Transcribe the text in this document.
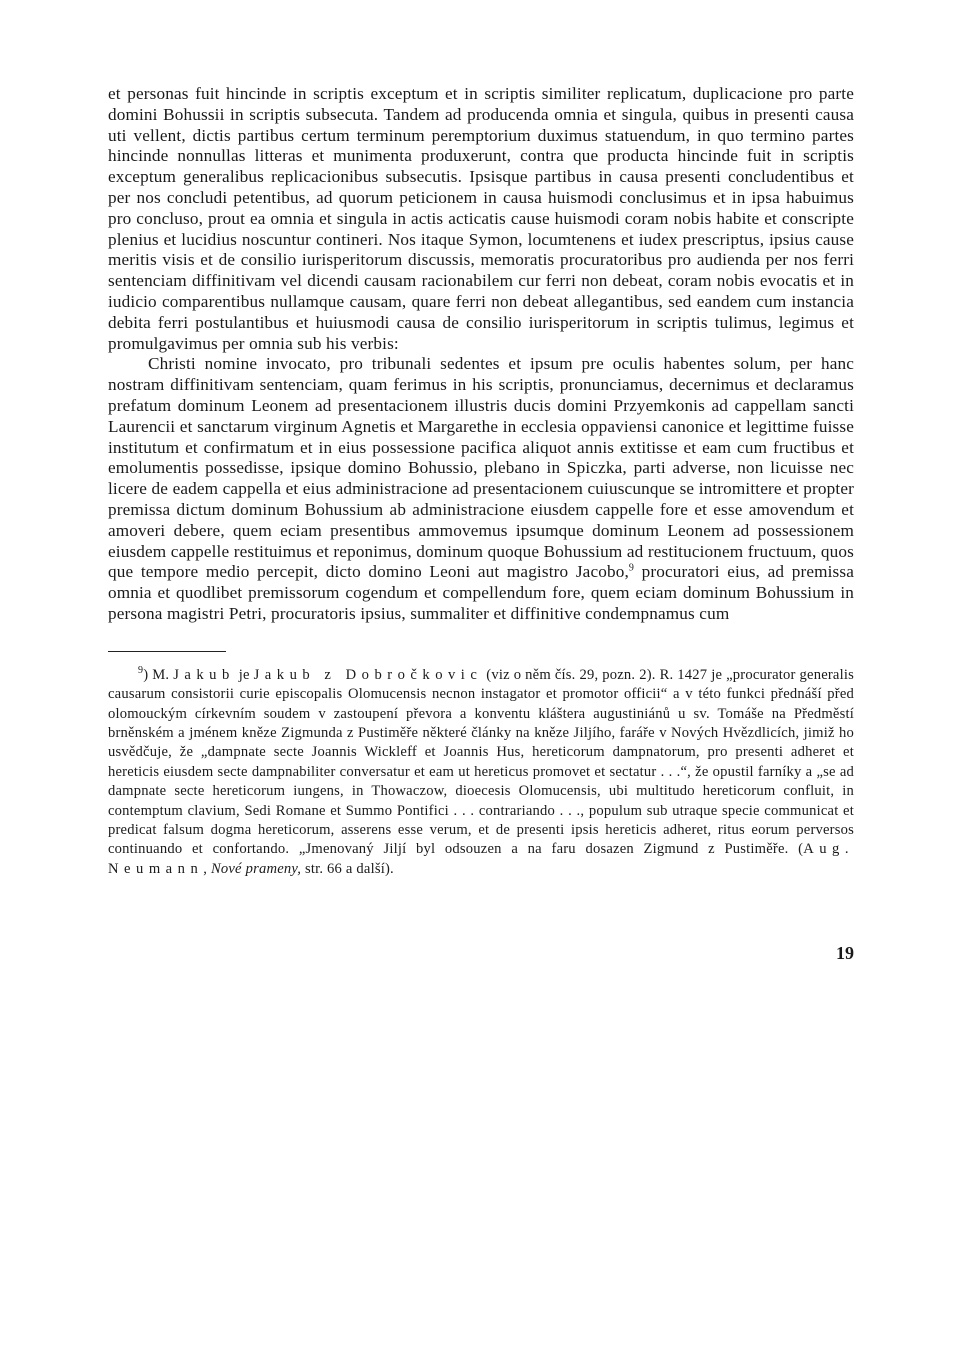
et personas fuit hincinde in scriptis exceptum et in scriptis similiter replicatum, duplicacione pro parte domini Bohussii in scriptis subsecuta. Tandem ad producenda omnia et singula, quibus in presenti causa uti vellent, dictis partibus certum terminum peremptorium duximus statuendum, in quo termino partes hincinde nonnullas litteras et munimenta produxerunt, contra que producta hincinde fuit in scriptis exceptum generalibus replicacionibus subsecutis. Ipsisque partibus in causa presenti concludentibus et per nos concludi petentibus, ad quorum peticionem in causa huismodi conclusimus et in ipsa habuimus pro concluso, prout ea omnia et singula in actis acticatis cause huismodi coram nobis habite et conscripte plenius et lucidius noscuntur contineri. Nos itaque Symon, locumtenens et iudex prescriptus, ipsius cause meritis visis et de consilio iurisperitorum discussis, memoratis procuratoribus pro audienda per nos ferri sentenciam diffinitivam vel dicendi causam racionabilem cur ferri non debeat, coram nobis evocatis et in iudicio comparentibus nullamque causam, quare ferri non debeat allegantibus, sed eandem cum instancia debita ferri postulantibus et huiusmodi causa de consilio iurisperitorum in scriptis tulimus, legimus et promulgavimus per omnia sub his verbis:

Christi nomine invocato, pro tribunali sedentes et ipsum pre oculis habentes solum, per hanc nostram diffinitivam sentenciam, quam ferimus in his scriptis, pronunciamus, decernimus et declaramus prefatum dominum Leonem ad presentacionem illustris ducis domini Przyemkonis ad cappellam sancti Laurencii et sanctarum virginum Agnetis et Margarethe in ecclesia oppaviensi canonice et legittime fuisse institutum et confirmatum et in eius possessione pacifica aliquot annis extitisse et eam cum fructibus et emolumentis possedisse, ipsique domino Bohussio, plebano in Spiczka, parti adverse, non licuisse nec licere de eadem cappella et eius administracione ad presentacionem cuiuscunque se intromittere et propter premissa dictum dominum Bohussium ab administracione eiusdem cappelle fore et esse amovendum et amoveri debere, quem eciam presentibus ammovemus ipsumque dominum Leonem ad possessionem eiusdem cappelle restituimus et reponimus, dominum quoque Bohussium ad restitucionem fructuum, quos que tempore medio percepit, dicto domino Leoni aut magistro Jacobo,$^9$ procuratori eius, ad premissa omnia et quodlibet premissorum cogendum et compellendum fore, quem eciam dominum Bohussium in persona magistri Petri, procuratoris ipsius, summaliter et diffinitive condempnamus cum

$^9$) M. Jakub je Jakub z Dobročkovic (viz o něm čís. 29, pozn. 2). R. 1427 je „procurator generalis causarum consistorii curie episcopalis Olomucensis necnon instagator et promotor officii“ a v této funkci přednáší před olomouckým církevním soudem v zastoupení převora a konventu kláštera augustiniánů u sv. Tomáše na Předměstí brněnském a jménem kněze Zigmunda z Pustiměře některé články na kněze Jiljího, faráře v Nových Hvězdlicích, jimiž ho usvědčuje, že „dampnate secte Joannis Wickleff et Joannis Hus, hereticorum dampnatorum, pro presenti adheret et hereticis eiusdem secte dampnabiliter conversatur et eam ut hereticus promovet et sectatur . . .“, že opustil farníky a „se ad dampnate secte hereticorum iungens, in Thowaczow, dioecesis Olomucensis, ubi multitudo hereticorum confluit, in contemptum clavium, Sedi Romane et Summo Pontifici . . . contrariando . . ., populum sub utraque specie communicat et predicat falsum dogma hereticorum, asserens esse verum, et de presenti ipsis hereticis adheret, ritus eorum perversos continuando et confortando. „Jmenovaný Jiljí byl odsouzen a na faru dosazen Zigmund z Pustiměře. (Aug. Neumann, Nové prameny, str. 66 a další).

19
